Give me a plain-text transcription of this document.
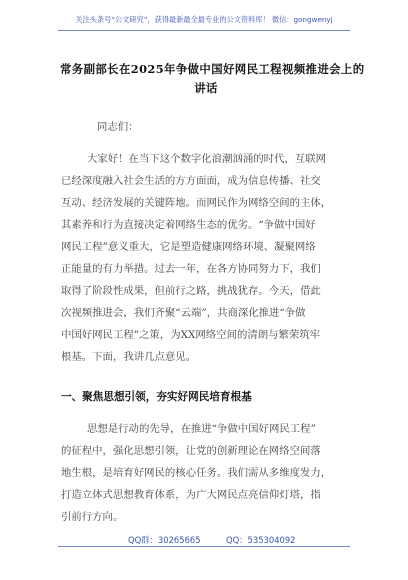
关注头条号“公文研究”，获得最新最全最专业的公文资料库！ 微信：gongwenyj
常务副部长在2025年争做中国好网民工程视频推进会上的
讲话
同志们：
大家好！在当下这个数字化浪潮汹涌的时代，互联网
已经深度融入社会生活的方方面面，成为信息传播、社交
互动、经济发展的关键阵地。而网民作为网络空间的主体，
其素养和行为直接决定着网络生态的优劣。“争做中国好
网民工程”意义重大，它是塑造健康网络环境、凝聚网络
正能量的有力举措。过去一年，在各方协同努力下，我们
取得了阶段性成果，但前行之路，挑战犹存。今天，借此
次视频推进会，我们齐聚“云端”，共商深化推进“争做
中国好网民工程”之策，为XX网络空间的清朗与繁荣筑牢
根基。下面，我讲几点意见。
一、聚焦思想引领，夯实好网民培育根基
思想是行动的先导，在推进“争做中国好网民工程”
的征程中，强化思想引领，让党的创新理论在网络空间落
地生根，是培育好网民的核心任务。我们需从多维度发力，
打造立体式思想教育体系，为广大网民点亮信仰灯塔，指
引前行方向。
QQ群：30265665	QQ：535304092
